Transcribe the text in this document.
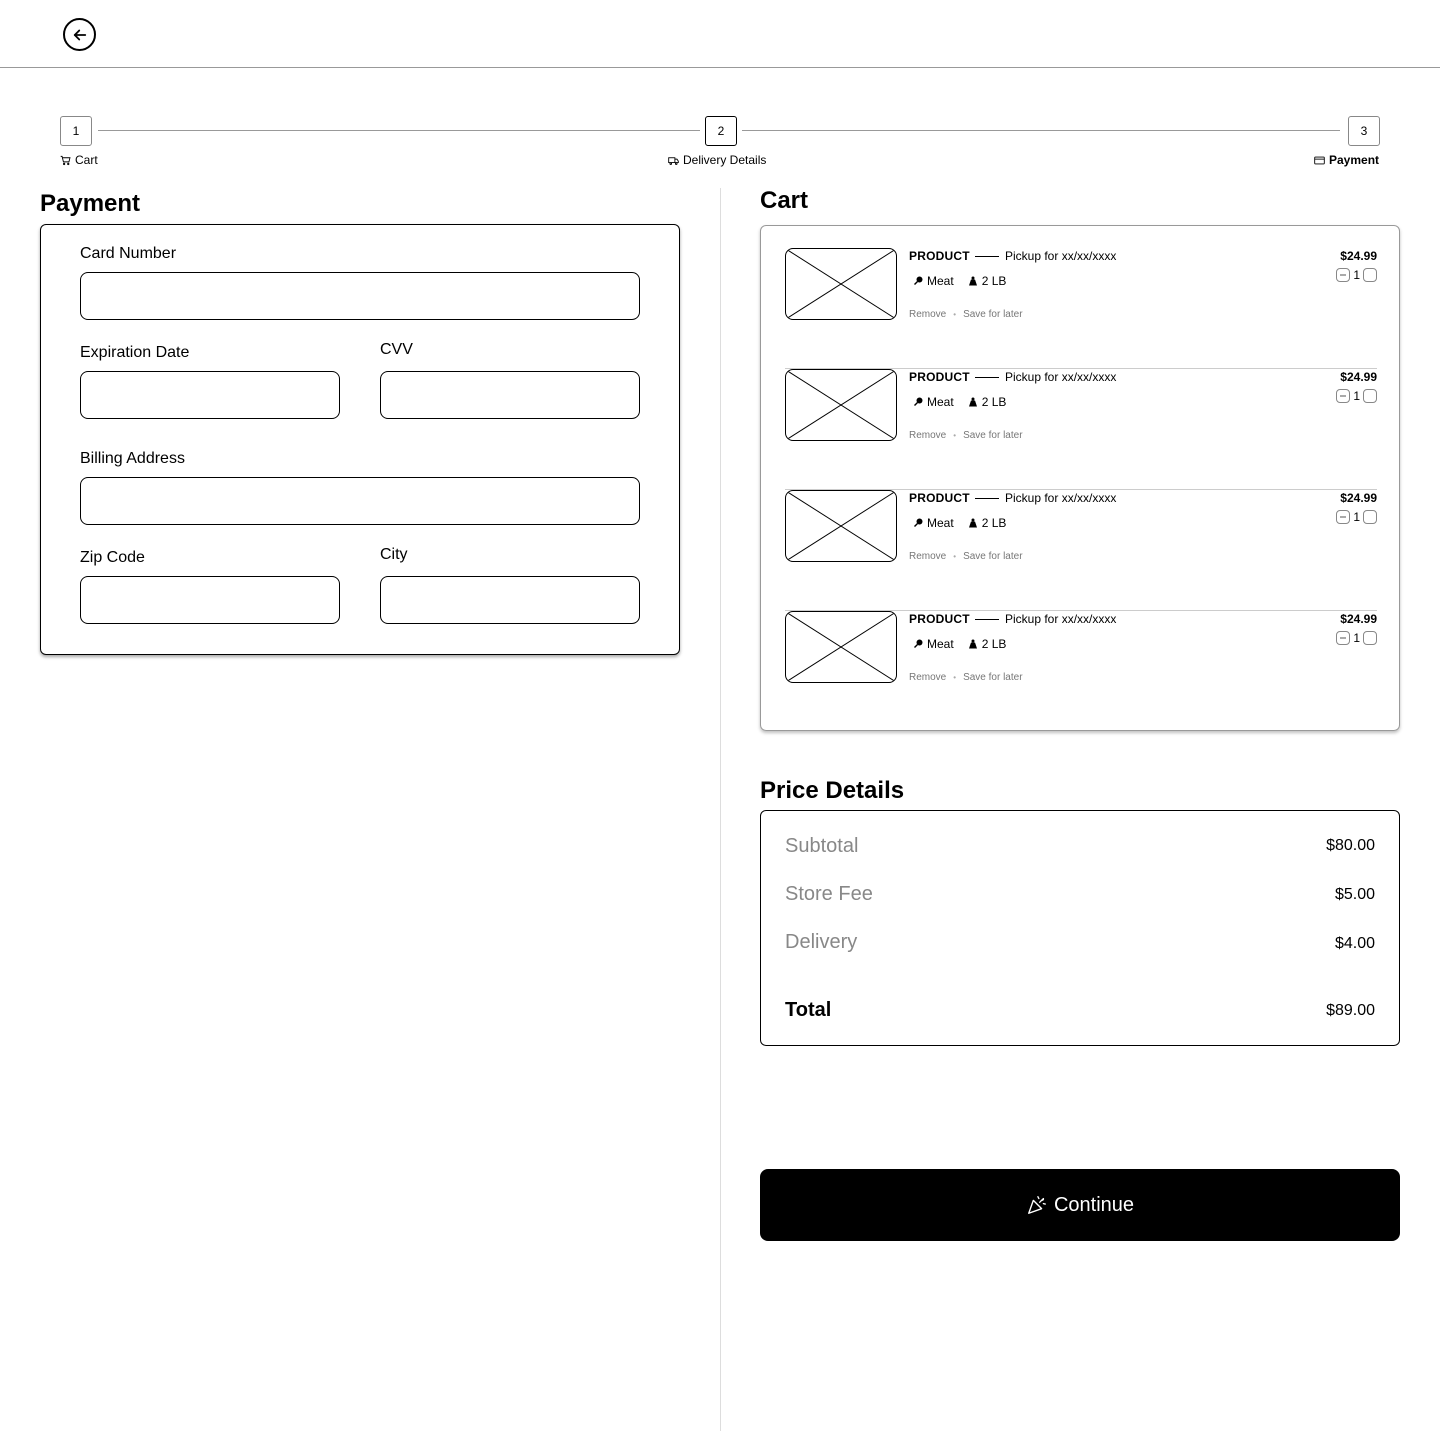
1	2	3
Cart	Delivery Details	Payment
Payment
Card Number
Expiration Date	CVV
Billing Address
Zip Code	City
Cart
PRODUCT	Pickup for xx/xx/xxxx
Meat 2 LB
Remove • Save for later
$24.99
1
PRODUCT	Pickup for xx/xx/xxxx
Meat 2 LB
Remove • Save for later
$24.99
1
PRODUCT	Pickup for xx/xx/xxxx
Meat 2 LB
Remove • Save for later
$24.99
1
PRODUCT	Pickup for xx/xx/xxxx
Meat 2 LB
Remove • Save for later
$24.99
1
Price Details
Subtotal	$80.00
Store Fee	$5.00
Delivery	$4.00
Total	$89.00
Continue
